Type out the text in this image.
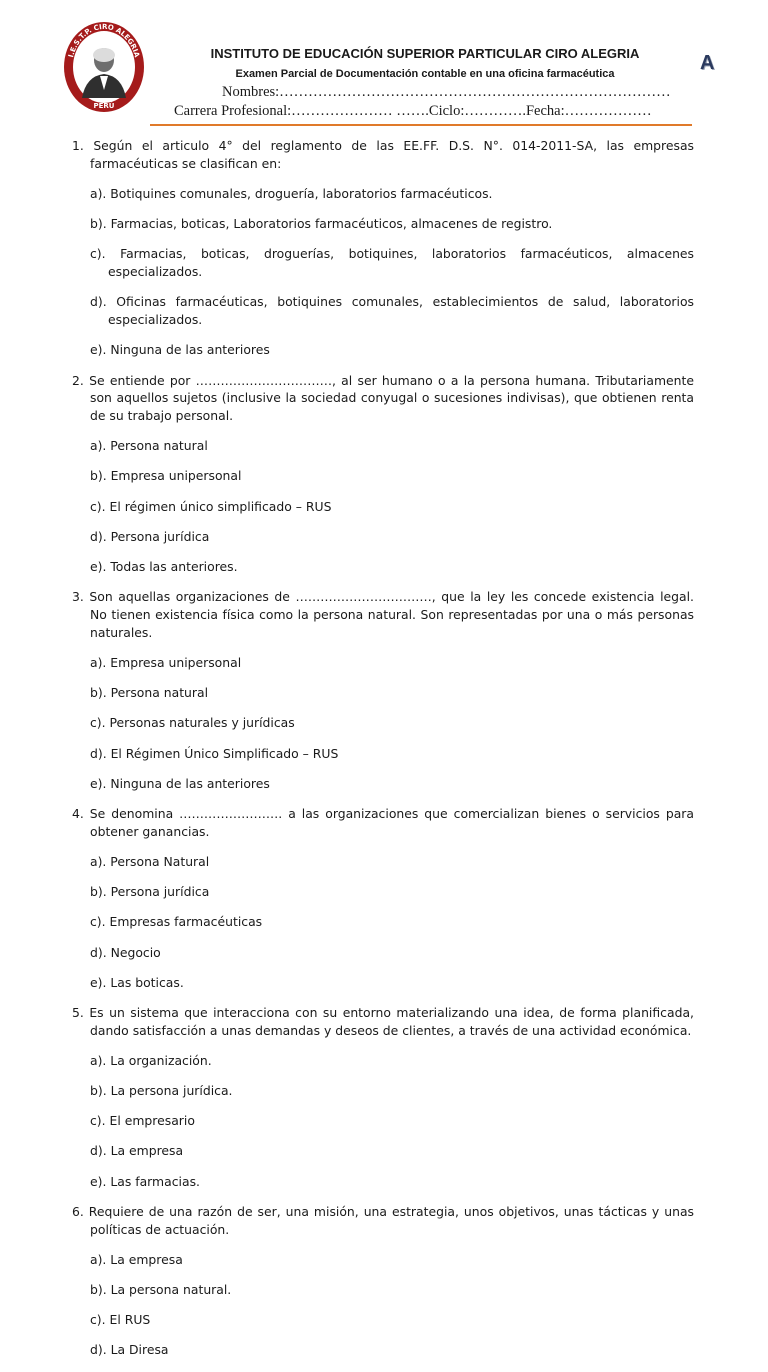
I.E.S.T.P. CIRO ALEGRIA
PERÚ
INSTITUTO DE EDUCACIÓN SUPERIOR PARTICULAR CIRO ALEGRIA
Examen Parcial de Documentación contable en una oficina farmacéutica	A
Nombres:………………………………………………………………………
Carrera Profesional:………………… …….Ciclo:………….Fecha:………………

1. Según el articulo 4° del reglamento de las EE.FF. D.S. N°. 014-2011-SA, las empresas farmacéuticas se clasifican en:

a). Botiquines comunales, droguería, laboratorios farmacéuticos.

b). Farmacias, boticas, Laboratorios farmacéuticos, almacenes de registro.

c). Farmacias, boticas, droguerías, botiquines, laboratorios farmacéuticos, almacenes especializados.

d). Oficinas farmacéuticas, botiquines comunales, establecimientos de salud, laboratorios especializados.

e). Ninguna de las anteriores

2. Se entiende por ……………………………, al ser humano o a la persona humana. Tributariamente son aquellos sujetos (inclusive la sociedad conyugal o sucesiones indivisas), que obtienen renta de su trabajo personal.

a). Persona natural

b). Empresa unipersonal

c). El régimen único simplificado – RUS

d). Persona jurídica

e). Todas las anteriores.

3. Son aquellas organizaciones de ……………………………, que la ley les concede existencia legal. No tienen existencia física como la persona natural. Son representadas por una o más personas naturales.

a). Empresa unipersonal

b). Persona natural

c). Personas naturales y jurídicas

d). El Régimen Único Simplificado – RUS

e). Ninguna de las anteriores

4. Se denomina ……………………. a las organizaciones que comercializan bienes o servicios para obtener ganancias.

a). Persona Natural

b). Persona jurídica

c). Empresas farmacéuticas

d). Negocio

e). Las boticas.

5. Es un sistema que interacciona con su entorno materializando una idea, de forma planificada, dando satisfacción a unas demandas y deseos de clientes, a través de una actividad económica.

a). La organización.

b). La persona jurídica.

c). El empresario

d). La empresa

e). Las farmacias.

6. Requiere de una razón de ser, una misión, una estrategia, unos objetivos, unas tácticas y unas políticas de actuación.

a). La empresa

b). La persona natural.

c). El RUS

d). La Diresa
